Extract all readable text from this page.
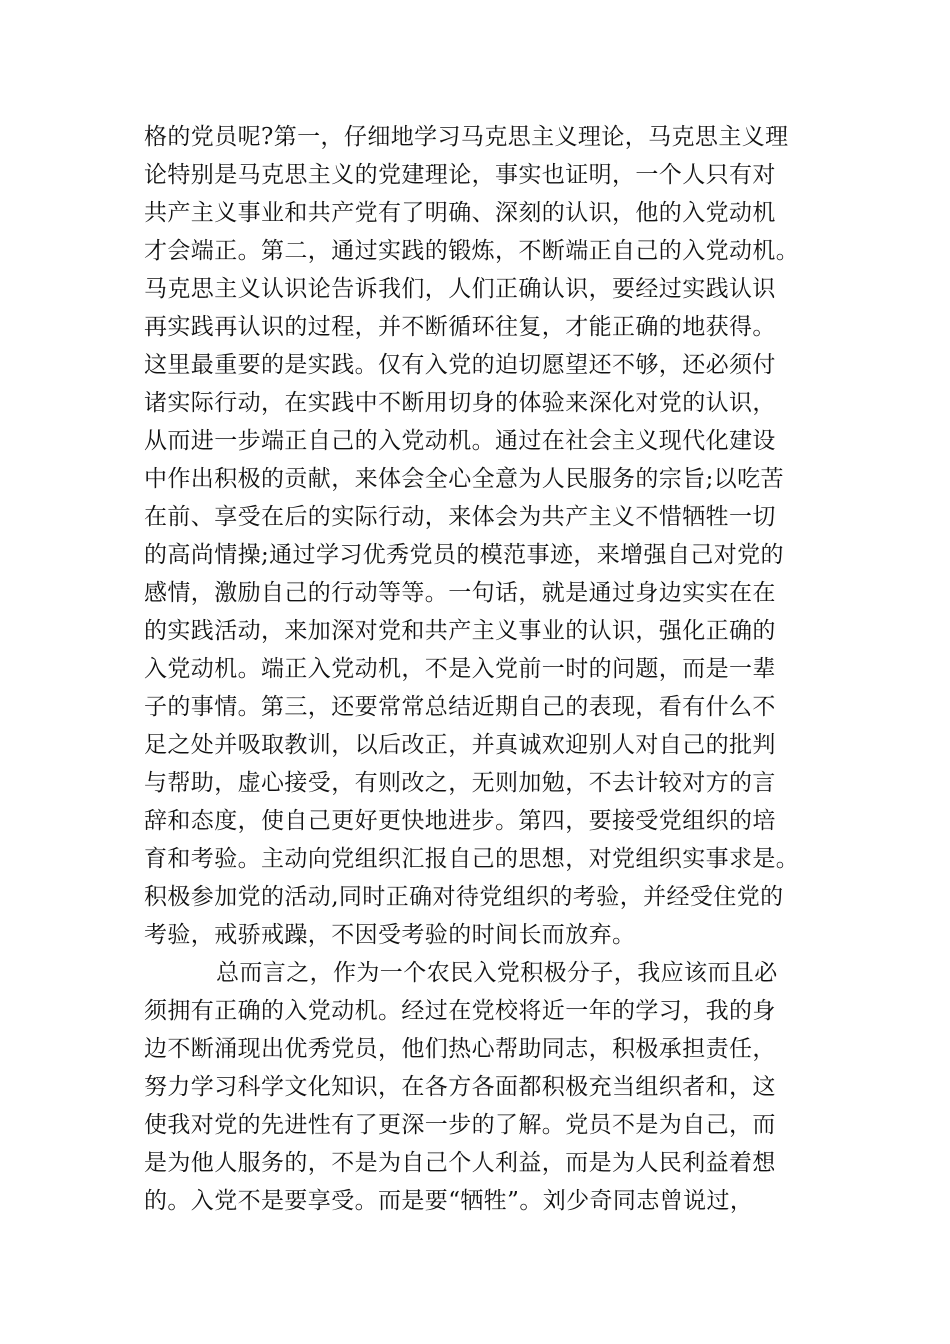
格的党员呢?第一，仔细地学习马克思主义理论，马克思主义理
论特别是马克思主义的党建理论，事实也证明，一个人只有对
共产主义事业和共产党有了明确、深刻的认识，他的入党动机
才会端正。第二，通过实践的锻炼，不断端正自己的入党动机。
马克思主义认识论告诉我们，人们正确认识，要经过实践认识
再实践再认识的过程，并不断循环往复，才能正确的地获得。
这里最重要的是实践。仅有入党的迫切愿望还不够，还必须付
诸实际行动，在实践中不断用切身的体验来深化对党的认识，
从而进一步端正自己的入党动机。通过在社会主义现代化建设
中作出积极的贡献，来体会全心全意为人民服务的宗旨;以吃苦
在前、享受在后的实际行动，来体会为共产主义不惜牺牲一切
的高尚情操;通过学习优秀党员的模范事迹，来增强自己对党的
感情，激励自己的行动等等。一句话，就是通过身边实实在在
的实践活动，来加深对党和共产主义事业的认识，强化正确的
入党动机。端正入党动机，不是入党前一时的问题，而是一辈
子的事情。第三，还要常常总结近期自己的表现，看有什么不
足之处并吸取教训，以后改正，并真诚欢迎别人对自己的批判
与帮助，虚心接受，有则改之，无则加勉，不去计较对方的言
辞和态度，使自己更好更快地进步。第四，要接受党组织的培
育和考验。主动向党组织汇报自己的思想，对党组织实事求是。
积极参加党的活动,同时正确对待党组织的考验，并经受住党的
考验，戒骄戒躁，不因受考验的时间长而放弃。
总而言之，作为一个农民入党积极分子，我应该而且必
须拥有正确的入党动机。经过在党校将近一年的学习，我的身
边不断涌现出优秀党员，他们热心帮助同志，积极承担责任，
努力学习科学文化知识，在各方各面都积极充当组织者和，这
使我对党的先进性有了更深一步的了解。党员不是为自己，而
是为他人服务的，不是为自己个人利益，而是为人民利益着想
的。入党不是要享受。而是要“牺牲”。刘少奇同志曾说过，
